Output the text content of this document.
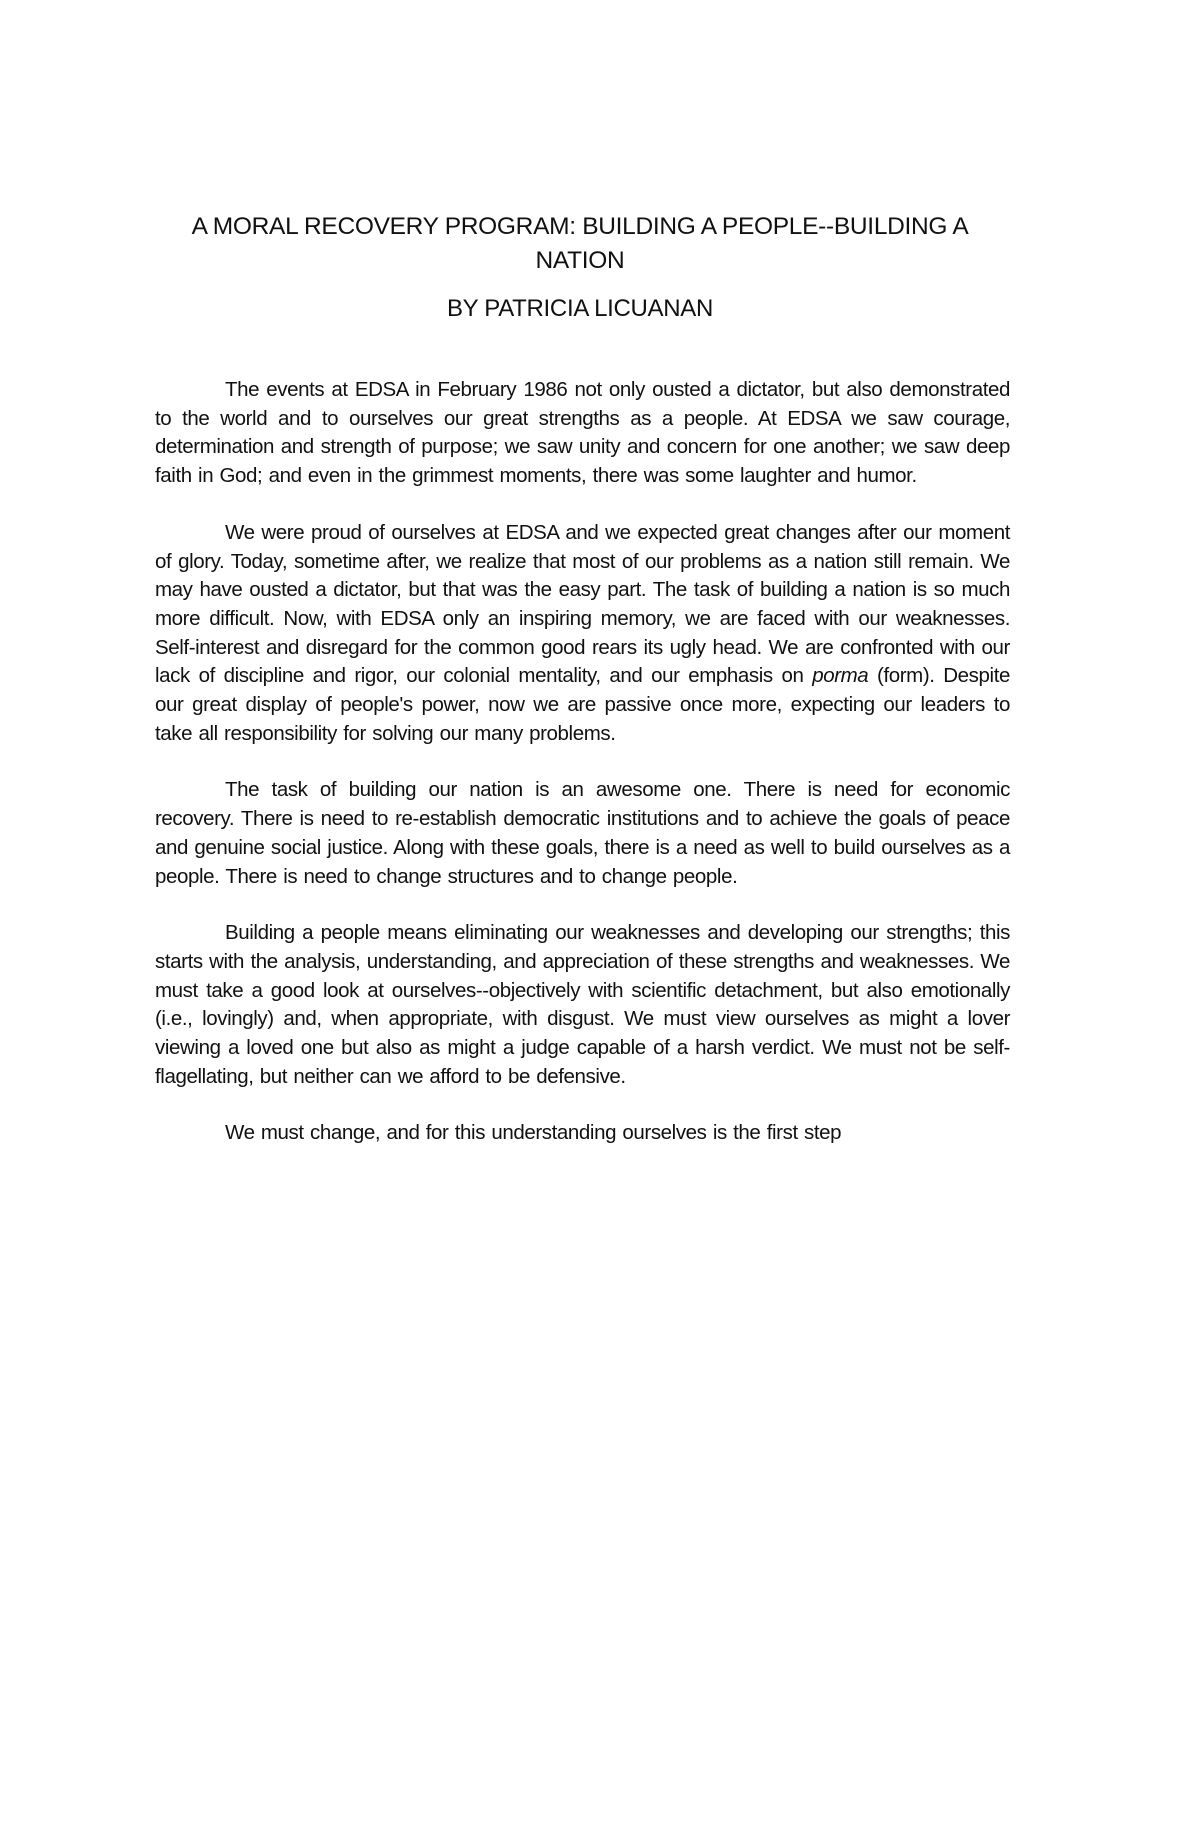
A MORAL RECOVERY PROGRAM: BUILDING A PEOPLE--BUILDING A NATION
BY PATRICIA LICUANAN

The events at EDSA in February 1986 not only ousted a dictator, but also demonstrated to the world and to ourselves our great strengths as a people. At EDSA we saw courage, determination and strength of purpose; we saw unity and concern for one another; we saw deep faith in God; and even in the grimmest moments, there was some laughter and humor.

We were proud of ourselves at EDSA and we expected great changes after our moment of glory. Today, sometime after, we realize that most of our problems as a nation still remain. We may have ousted a dictator, but that was the easy part. The task of building a nation is so much more difficult. Now, with EDSA only an inspiring memory, we are faced with our weaknesses. Self-interest and disregard for the common good rears its ugly head. We are confronted with our lack of discipline and rigor, our colonial mentality, and our emphasis on porma (form). Despite our great display of people's power, now we are passive once more, expecting our leaders to take all responsibility for solving our many problems.

The task of building our nation is an awesome one. There is need for economic recovery. There is need to re-establish democratic institutions and to achieve the goals of peace and genuine social justice. Along with these goals, there is a need as well to build ourselves as a people. There is need to change structures and to change people.

Building a people means eliminating our weaknesses and developing our strengths; this starts with the analysis, understanding, and appreciation of these strengths and weaknesses. We must take a good look at ourselves--objectively with scientific detachment, but also emotionally (i.e., lovingly) and, when appropriate, with disgust. We must view ourselves as might a lover viewing a loved one but also as might a judge capable of a harsh verdict. We must not be self-flagellating, but neither can we afford to be defensive.

We must change, and for this understanding ourselves is the first step
